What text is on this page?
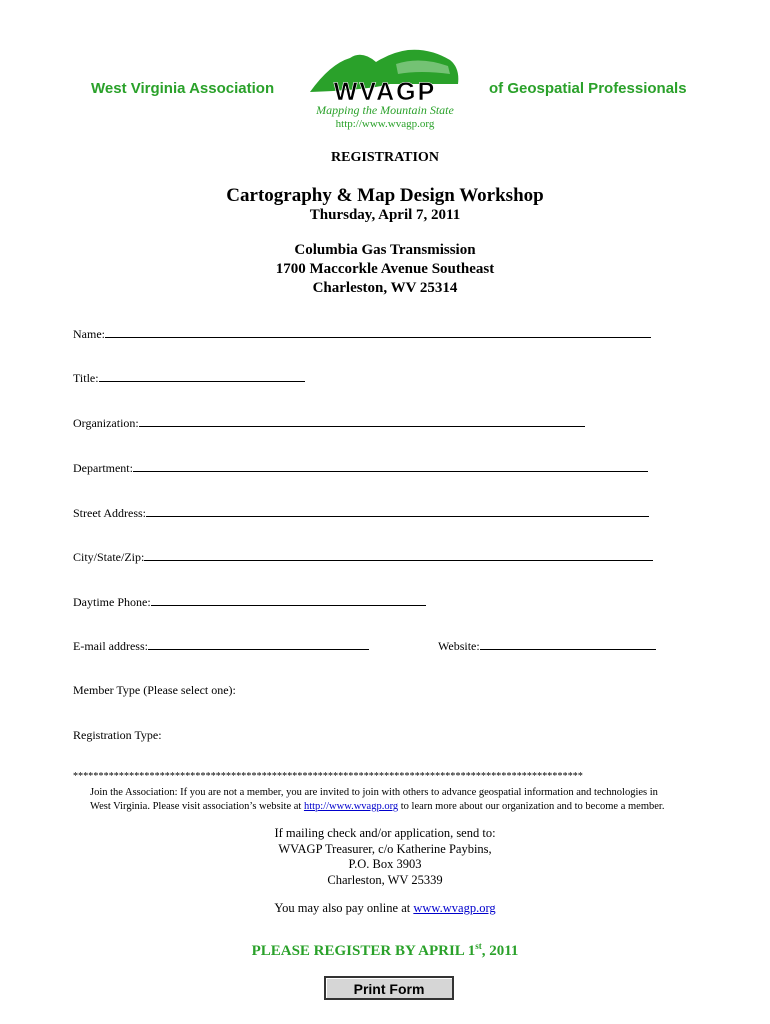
West Virginia Association	of Geospatial Professionals
WVAGP
Mapping the Mountain State
http://www.wvagp.org
REGISTRATION
Cartography & Map Design Workshop
Thursday, April 7, 2011
Columbia Gas Transmission
1700 Maccorkle Avenue Southeast
Charleston, WV 25314
Name:
Title:
Organization:
Department:
Street Address:
City/State/Zip:
Daytime Phone:
E-mail address:	Website:
Member Type (Please select one):
Registration Type:
****************************************************************************************************
Join the Association: If you are not a member, you are invited to join with others to advance geospatial information and technologies in West Virginia. Please visit association’s website at http://www.wvagp.org to learn more about our organization and to become a member.
If mailing check and/or application, send to:
WVAGP Treasurer, c/o Katherine Paybins,
P.O. Box 3903
Charleston, WV 25339
You may also pay online at www.wvagp.org
PLEASE REGISTER BY APRIL 1st, 2011
Print Form
